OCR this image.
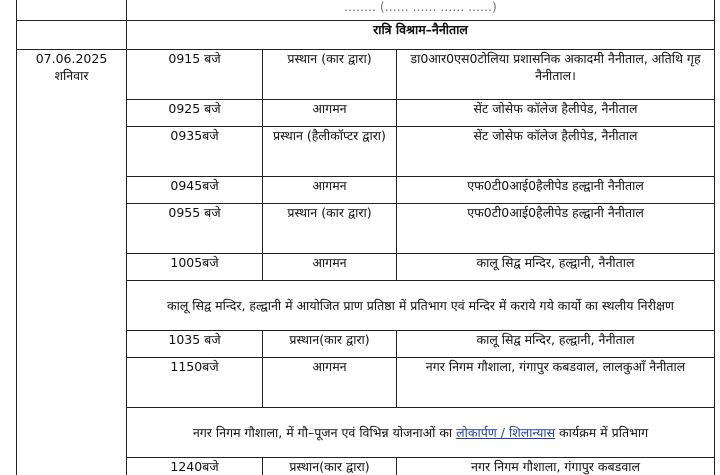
	........ (...... ...... ...... ......)		
	रात्रि विश्राम–नैनीताल		

07.06.2025
शनिवार	0915 बजे	प्रस्थान (कार द्वारा)	डा0आर0एस0टोलिया प्रशासनिक अकादमी नैनीताल, अतिथि गृह नैनीताल।
	0925 बजे	आगमन	सेंट जोसेफ कॉलेज हैलीपेड, नैनीताल
	0935बजे	प्रस्थान (हैलीकॉप्टर द्वारा)	सेंट जोसेफ कॉलेज हैलीपेड, नैनीताल
	0945बजे	आगमन	एफ0टी0आई0हैलीपेड हल्द्वानी नैनीताल
	0955 बजे	प्रस्थान (कार द्वारा)	एफ0टी0आई0हैलीपेड हल्द्वानी नैनीताल
	1005बजे	आगमन	कालू सिद्व मन्दिर, हल्द्वानी, नैनीताल
	कालू सिद्व मन्दिर, हल्द्वानी में आयोजित प्राण प्रतिष्ठा में प्रतिभाग एवं मन्दिर में कराये गये कार्यो का स्थलीय निरीक्षण		
	1035 बजे	प्रस्थान(कार द्वारा)	कालू सिद्व मन्दिर, हल्द्वानी, नैनीताल
	1150बजे	आगमन	नगर निगम गौशाला, गंगापुर कबडवाल, लालकुआँ नैनीताल
	नगर निगम गौशाला, में गौ–पूजन एवं विभिन्न योजनाओं का लोकार्पण / शिलान्यास कार्यक्रम में प्रतिभाग		
	1240बजे	प्रस्थान(कार द्वारा)	नगर निगम गौशाला, गंगापुर कबडवाल
